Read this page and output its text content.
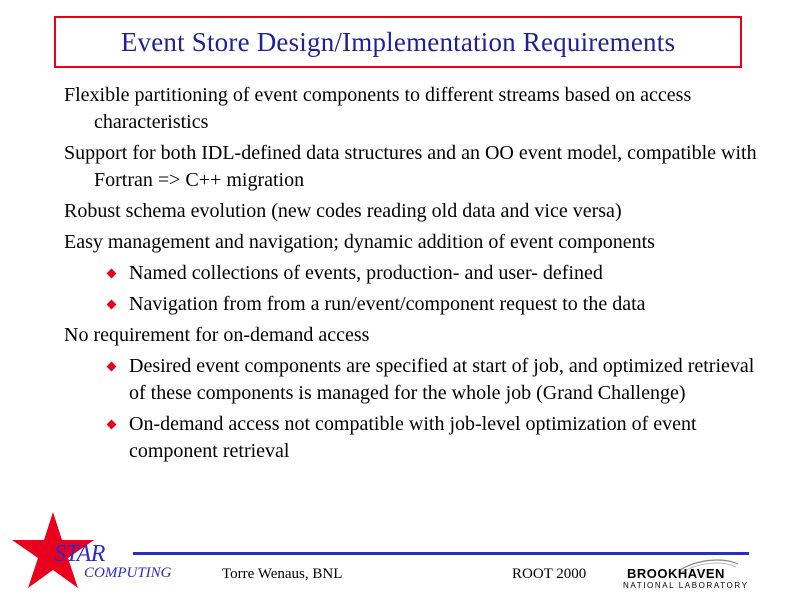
Event Store Design/Implementation Requirements

Flexible partitioning of event components to different streams based on access characteristics

Support for both IDL-defined data structures and an OO event model, compatible with Fortran => C++ migration

Robust schema evolution (new codes reading old data and vice versa)

Easy management and navigation; dynamic addition of event components

Named collections of events, production- and user- defined

Navigation from from a run/event/component request to the data

No requirement for on-demand access

Desired event components are specified at start of job, and optimized retrieval of these components is managed for the whole job (Grand Challenge)

On-demand access not compatible with job-level optimization of event component retrieval

STAR
COMPUTING	Torre Wenaus, BNL	ROOT 2000	BROOKHAVEN
NATIONAL LABORATORY
